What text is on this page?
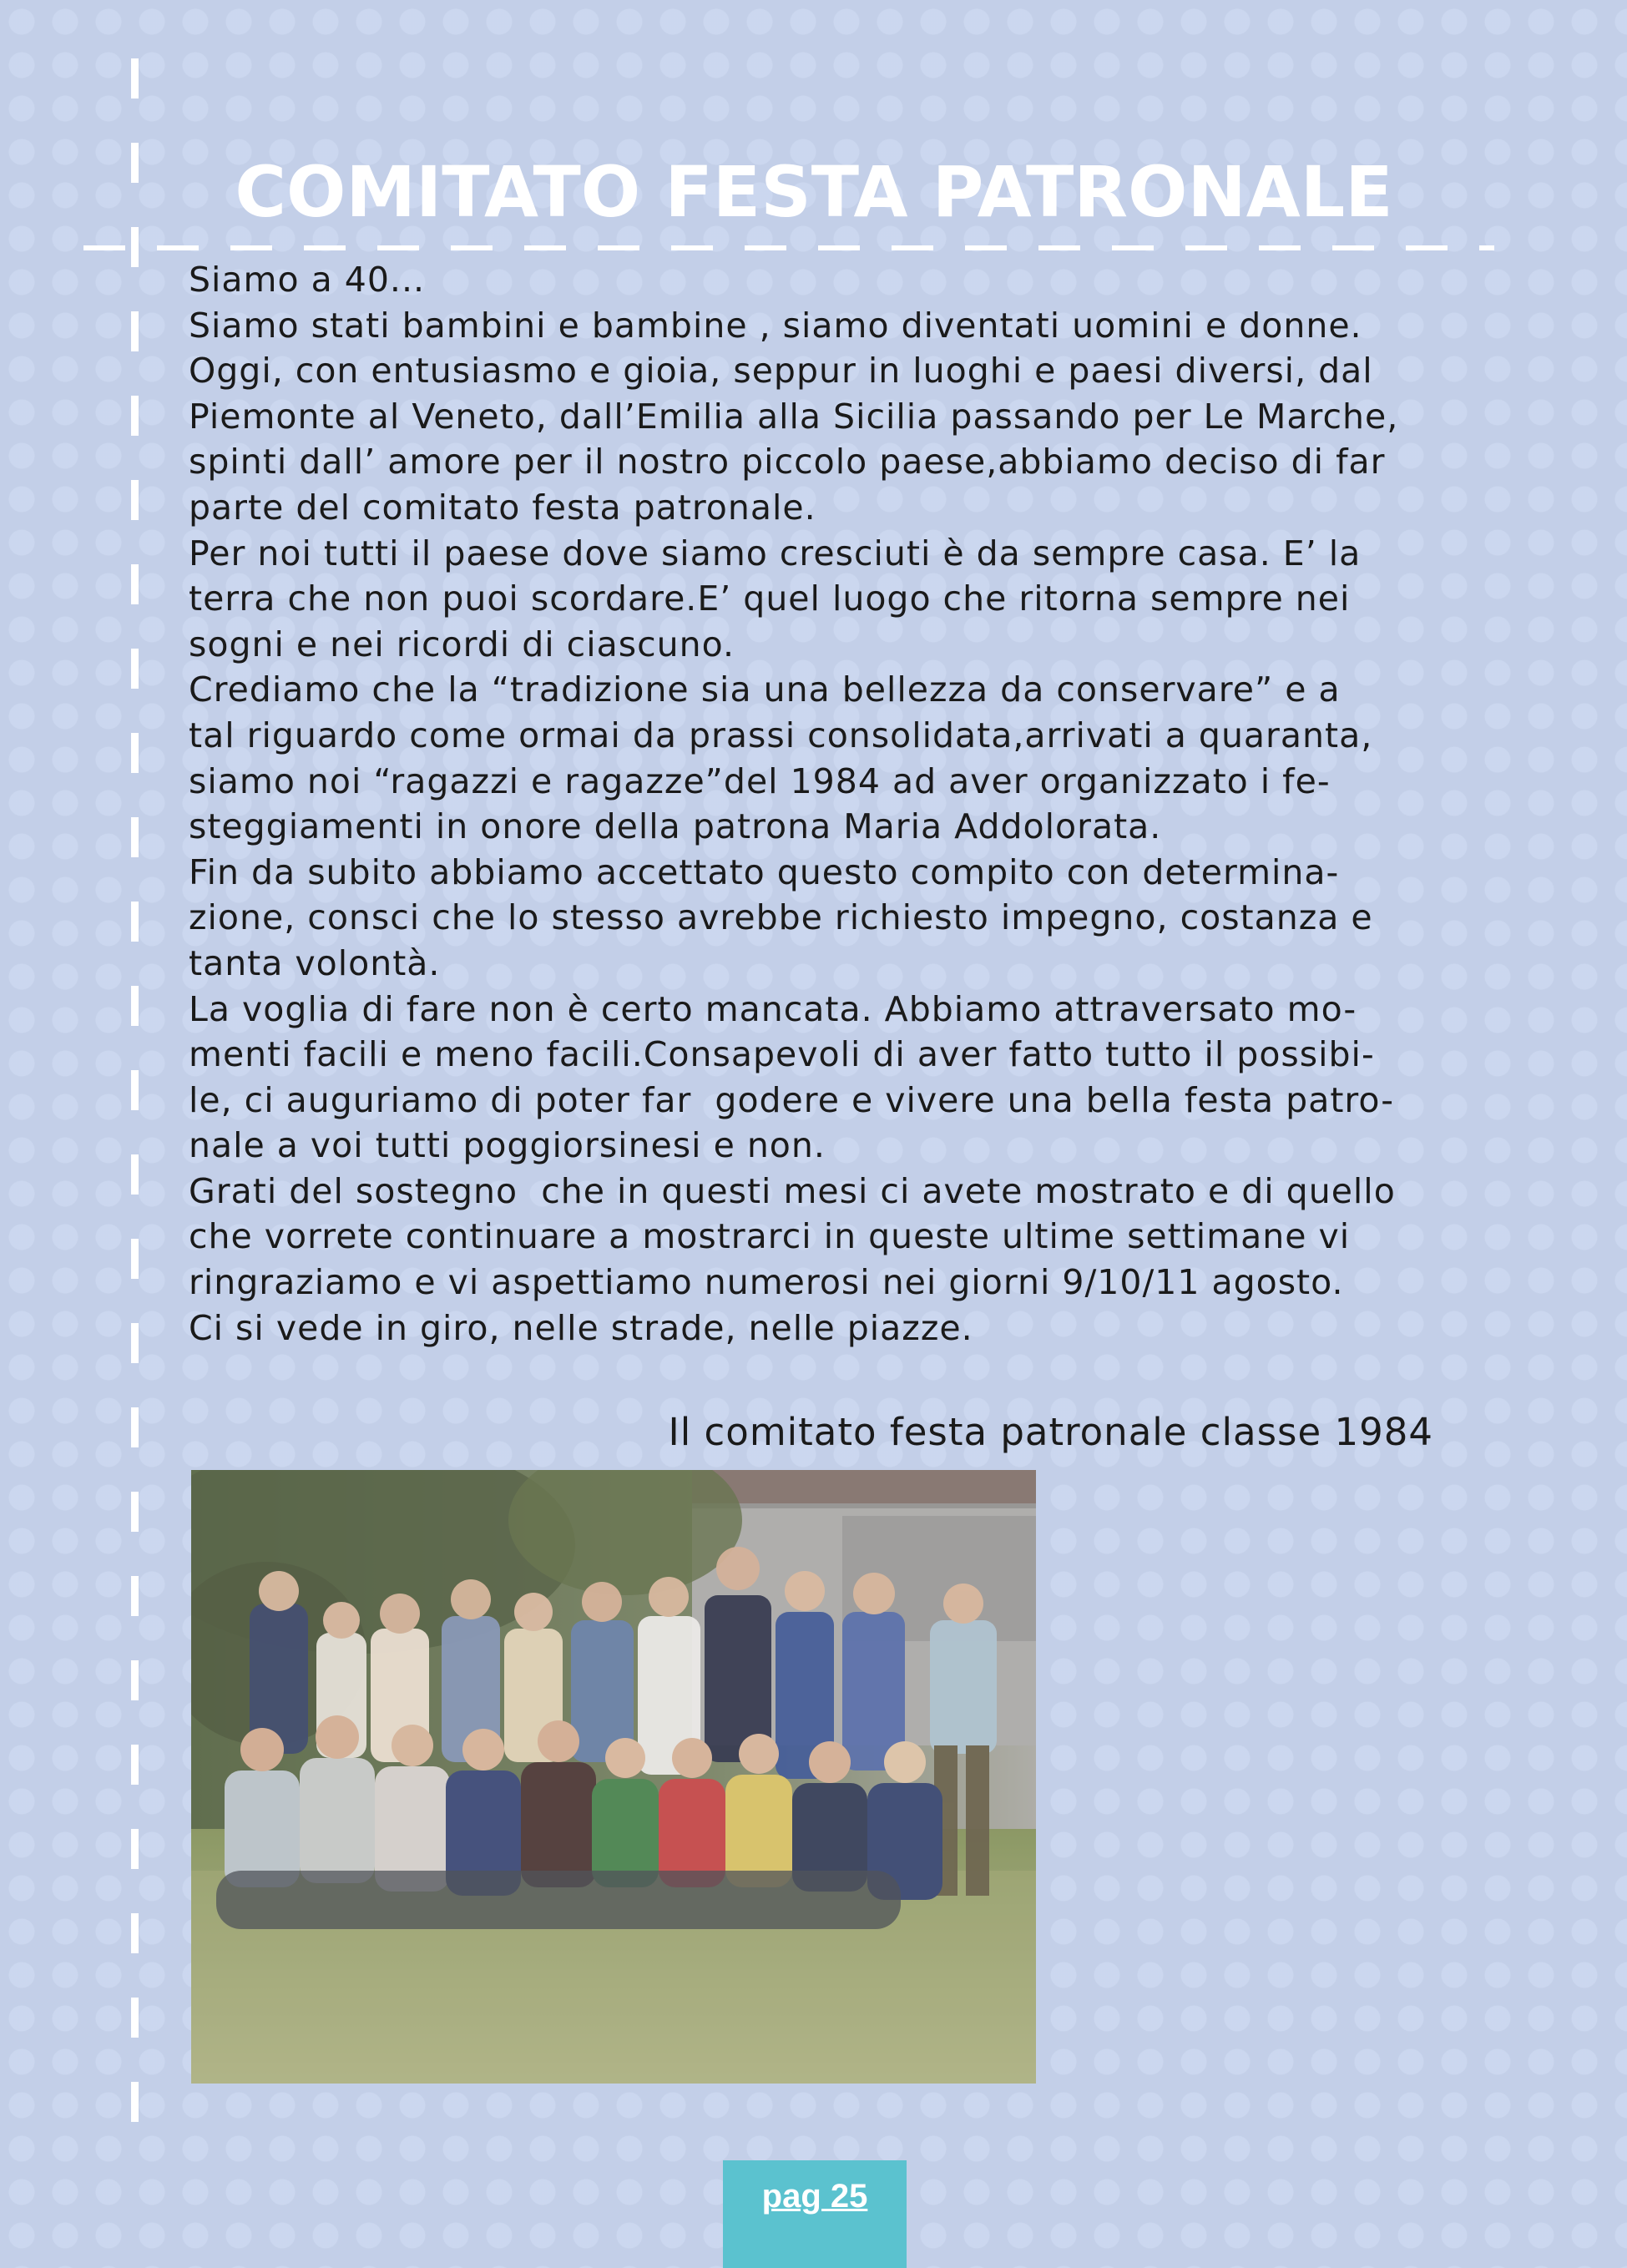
COMITATO FESTA PATRONALE
Siamo a 40...
Siamo stati bambini e bambine , siamo diventati uomini e donne.
Oggi, con entusiasmo e gioia, seppur in luoghi e paesi diversi, dal
Piemonte al Veneto, dall’Emilia alla Sicilia passando per Le Marche,
spinti dall’ amore per il nostro piccolo paese,abbiamo deciso di far
parte del comitato festa patronale.
Per noi tutti il paese dove siamo cresciuti è da sempre casa. E’ la
terra che non puoi scordare.E’ quel luogo che ritorna sempre nei
sogni e nei ricordi di ciascuno.
Crediamo che la “tradizione sia una bellezza da conservare” e a
tal riguardo come ormai da prassi consolidata,arrivati a quaranta,
siamo noi “ragazzi e ragazze”del 1984 ad aver organizzato i fe-
steggiamenti in onore della patrona Maria Addolorata.
Fin da subito abbiamo accettato questo compito con determina-
zione, consci che lo stesso avrebbe richiesto impegno, costanza e
tanta volontà.
La voglia di fare non è certo mancata. Abbiamo attraversato mo-
menti facili e meno facili.Consapevoli di aver fatto tutto il possibi-
le, ci auguriamo di poter far  godere e vivere una bella festa patro-
nale a voi tutti poggiorsinesi e non.
Grati del sostegno  che in questi mesi ci avete mostrato e di quello
che vorrete continuare a mostrarci in queste ultime settimane vi
ringraziamo e vi aspettiamo numerosi nei giorni 9/10/11 agosto.
Ci si vede in giro, nelle strade, nelle piazze.
Il comitato festa patronale classe 1984
pag 25
